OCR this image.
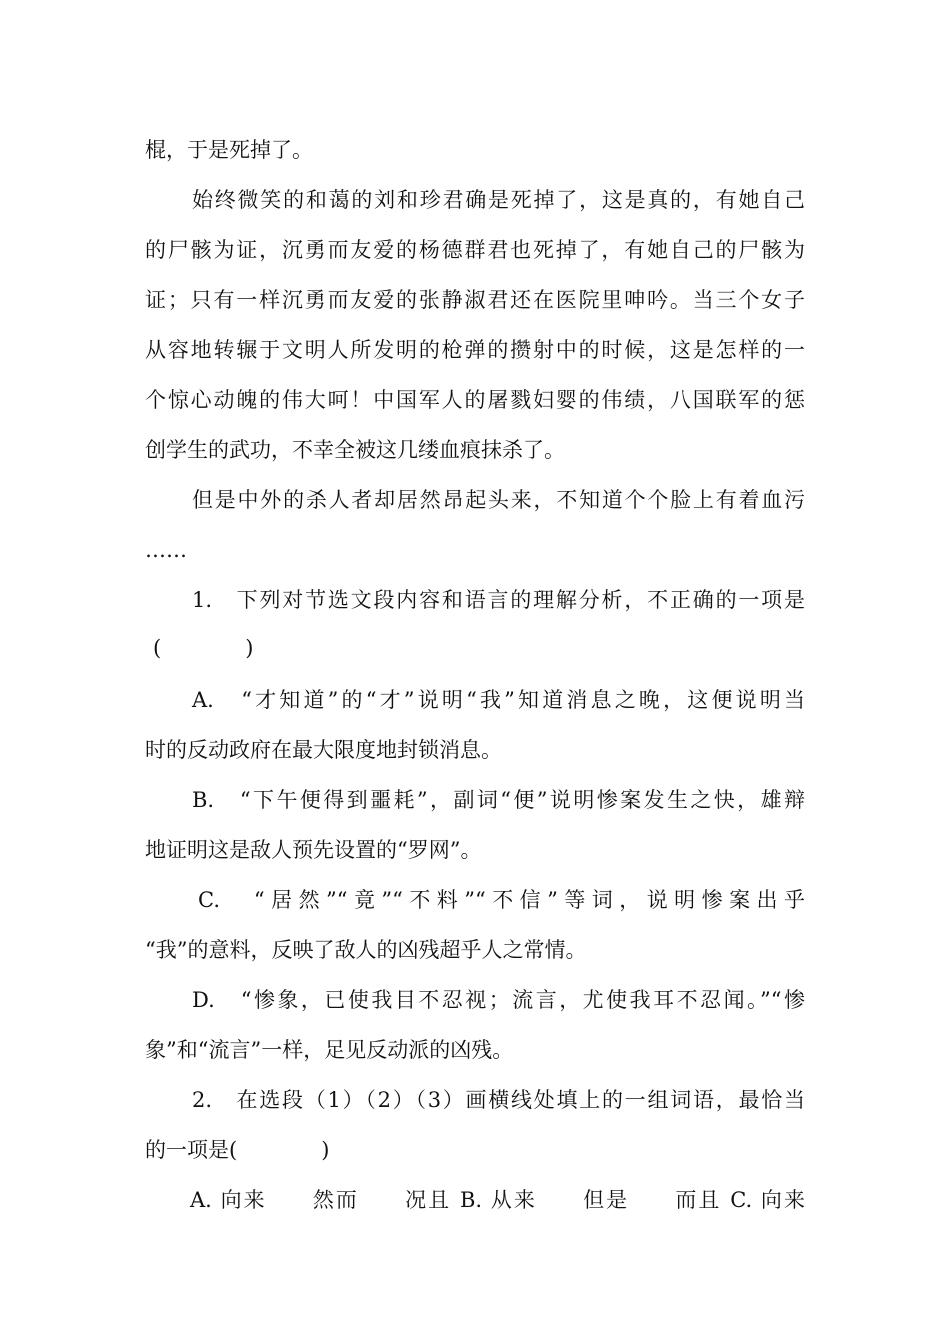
棍，于是死掉了。
始终微笑的和蔼的刘和珍君确是死掉了，这是真的，有她自己
的尸骸为证，沉勇而友爱的杨德群君也死掉了，有她自己的尸骸为
证；只有一样沉勇而友爱的张静淑君还在医院里呻吟。当三个女子
从容地转辗于文明人所发明的枪弹的攒射中的时候，这是怎样的一
个惊心动魄的伟大呵！中国军人的屠戮妇婴的伟绩，八国联军的惩
创学生的武功，不幸全被这几缕血痕抹杀了。
但是中外的杀人者却居然昂起头来，不知道个个脸上有着血污
……
1.　下列对节选文段内容和语言的理解分析，不正确的一项是
(　　　　)
A.　“才知道”的“才”说明“我”知道消息之晚，这便说明当
时的反动政府在最大限度地封锁消息。
B.　“下午便得到噩耗”，副词“便”说明惨案发生之快，雄辩
地证明这是敌人预先设置的“罗网”。
C.　“居然”“竟”“不料”“不信”等词，说明惨案出乎
“我”的意料，反映了敌人的凶残超乎人之常情。
D.　“惨象，已使我目不忍视；流言，尤使我耳不忍闻。”“惨
象”和“流言”一样，足见反动派的凶残。
2.　在选段（1）（2）（3）画横线处填上的一组词语，最恰当
的一项是(　　　　)
A. 向来　　然而　　况且 B. 从来　　但是　　而且 C. 向来
